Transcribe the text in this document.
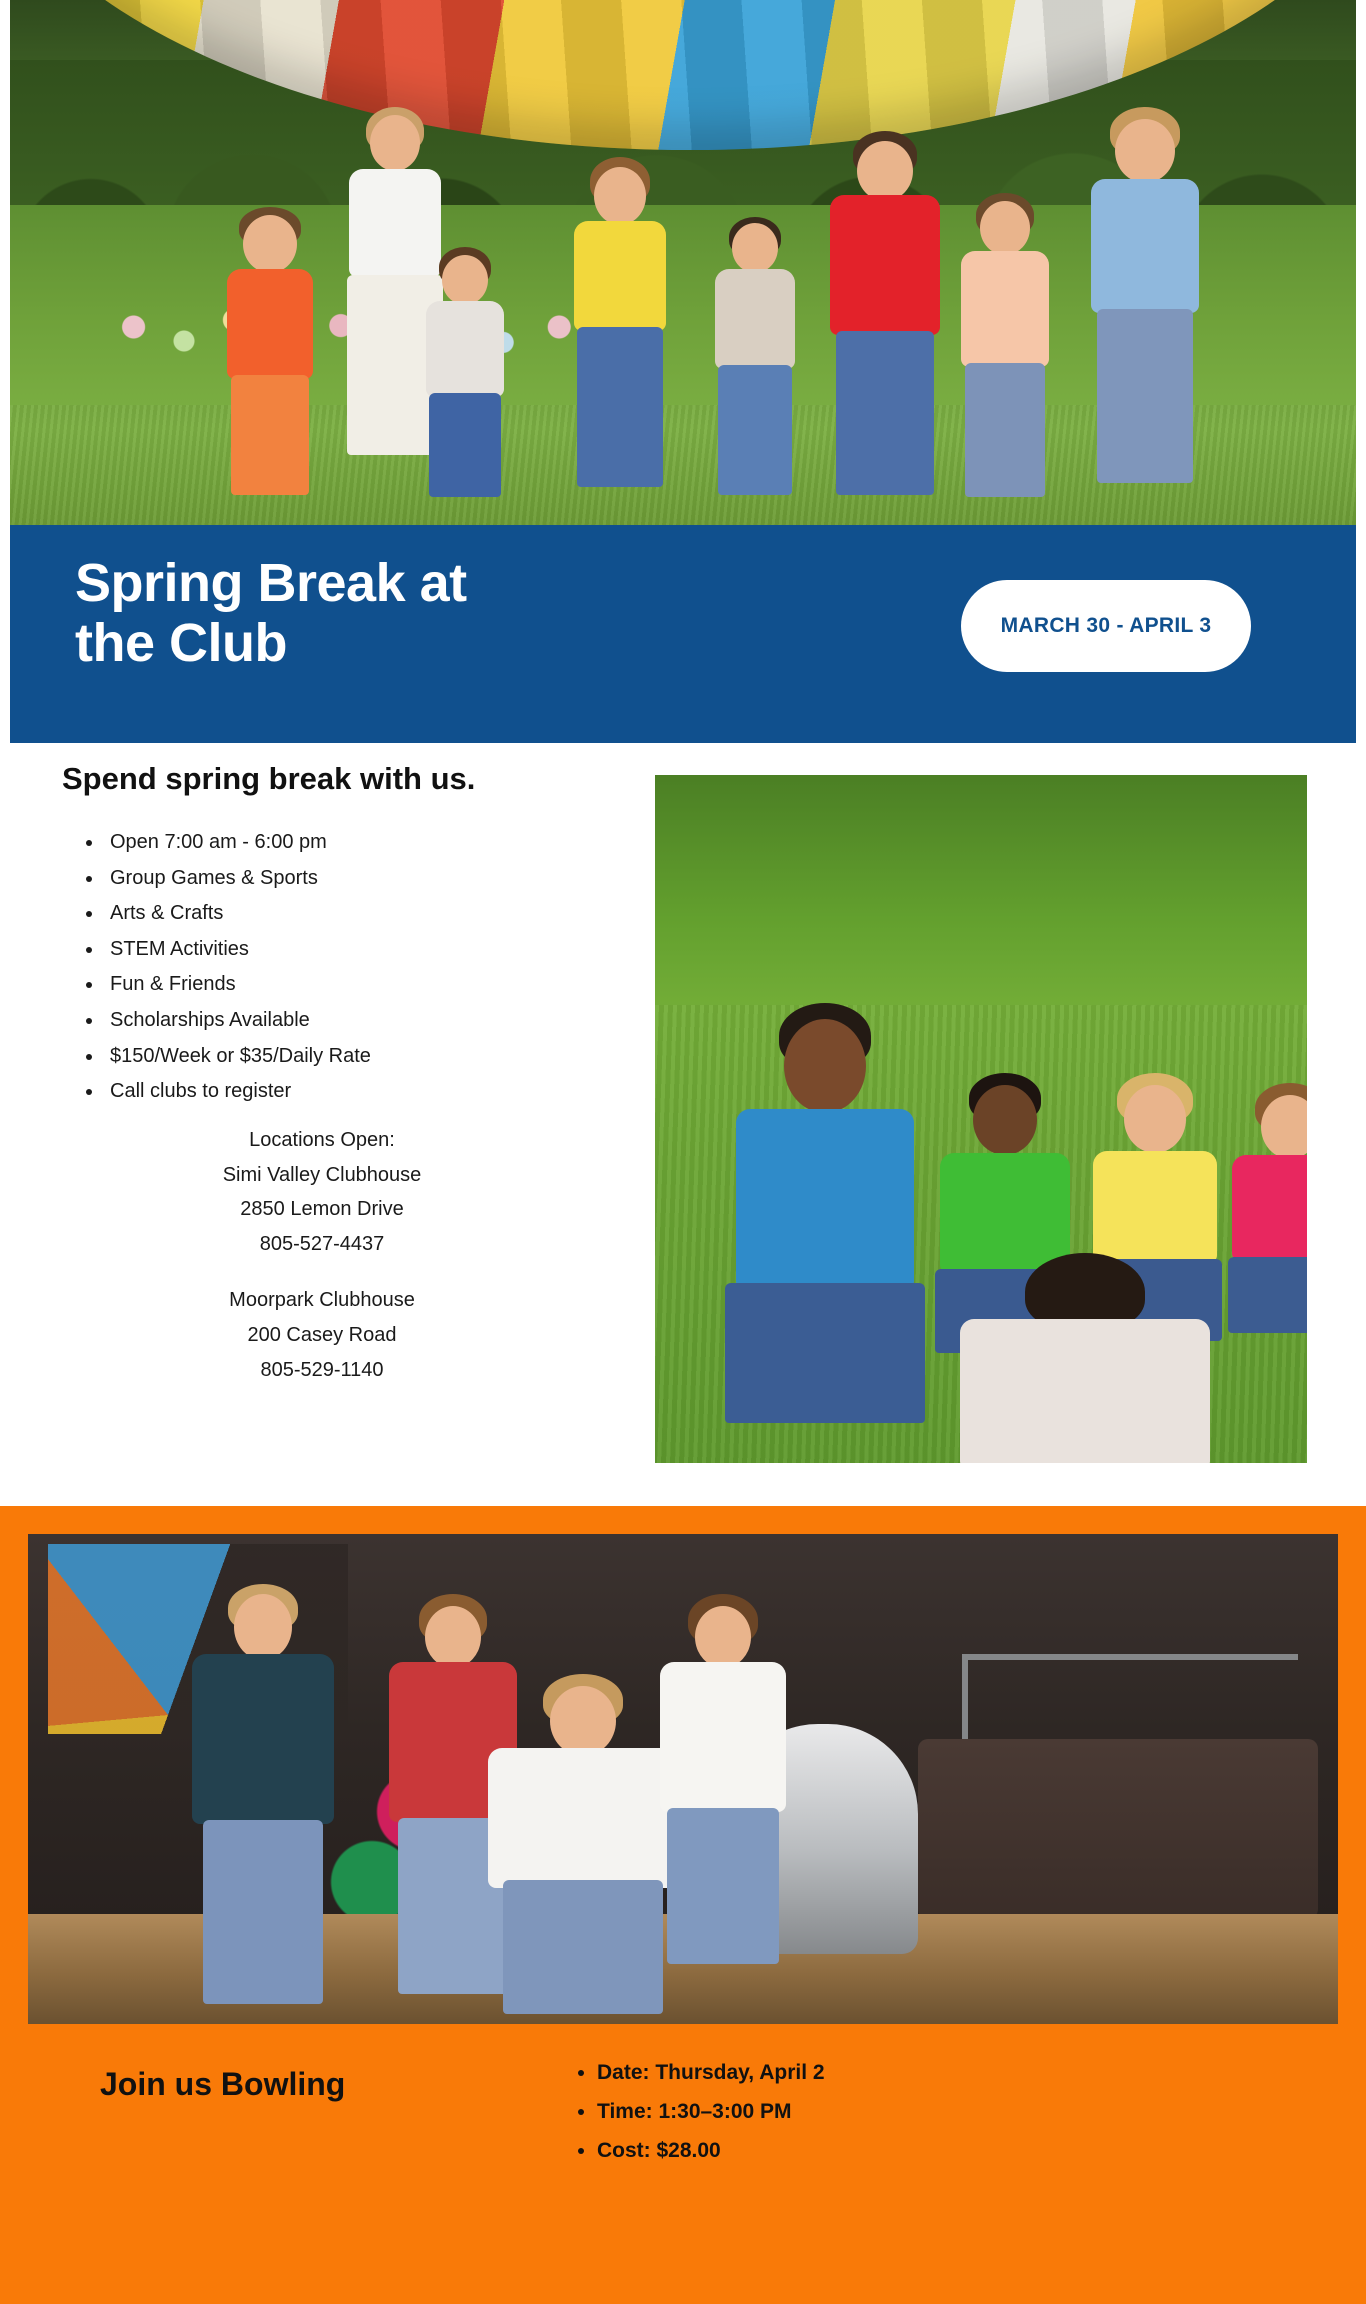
Spring Break at
the Club	MARCH 30 - APRIL 3
Spend spring break with us.
• Open 7:00 am - 6:00 pm
• Group Games & Sports
• Arts & Crafts
• STEM Activities
• Fun & Friends
• Scholarships Available
• $150/Week or $35/Daily Rate
• Call clubs to register
Locations Open:
Simi Valley Clubhouse
2850 Lemon Drive
805-527-4437
Moorpark Clubhouse
200 Casey Road
805-529-1140
Join us Bowling	• Date: Thursday, April 2
• Time: 1:30–3:00 PM
• Cost: $28.00
